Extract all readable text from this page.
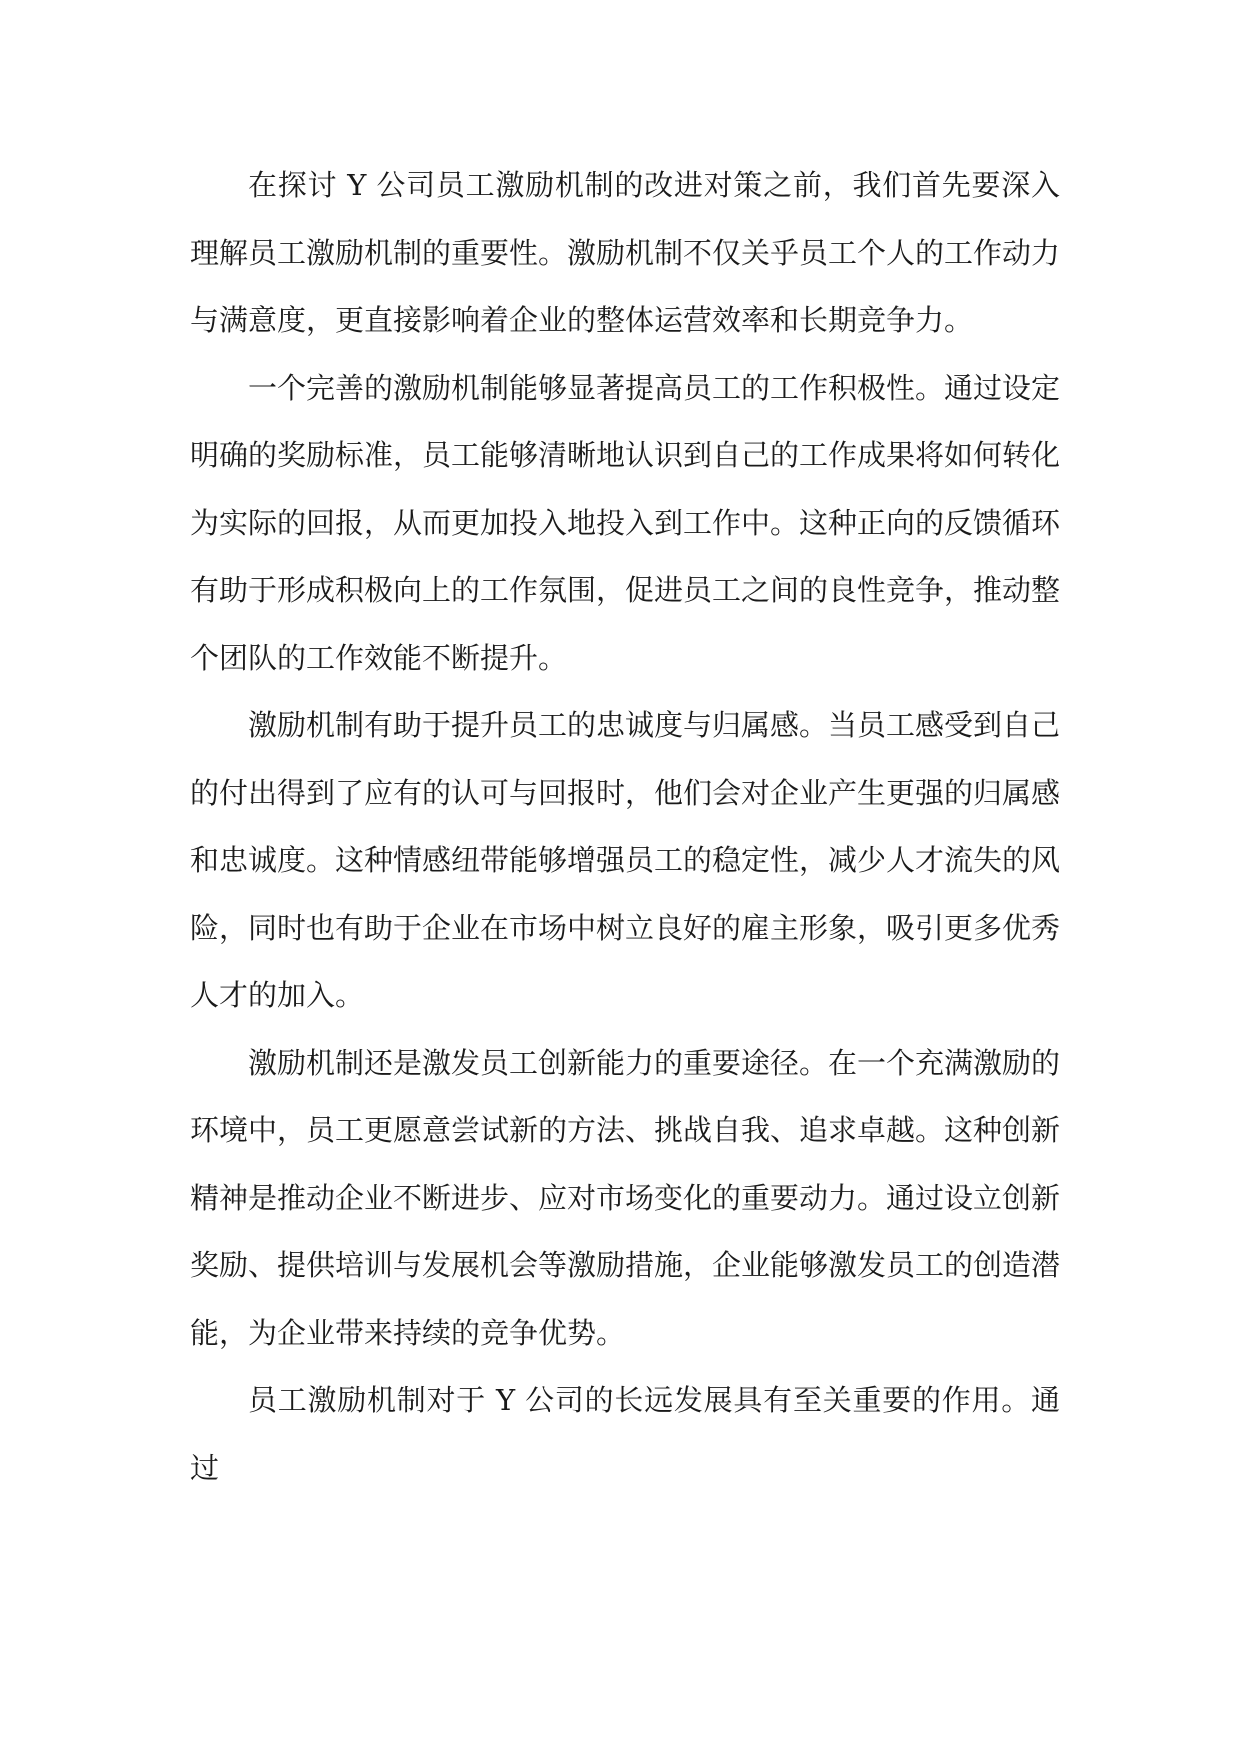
在探讨 Y 公司员工激励机制的改进对策之前，我们首先要深入理解员工激励机制的重要性。激励机制不仅关乎员工个人的工作动力与满意度，更直接影响着企业的整体运营效率和长期竞争力。

一个完善的激励机制能够显著提高员工的工作积极性。通过设定明确的奖励标准，员工能够清晰地认识到自己的工作成果将如何转化为实际的回报，从而更加投入地投入到工作中。这种正向的反馈循环有助于形成积极向上的工作氛围，促进员工之间的良性竞争，推动整个团队的工作效能不断提升。

激励机制有助于提升员工的忠诚度与归属感。当员工感受到自己的付出得到了应有的认可与回报时，他们会对企业产生更强的归属感和忠诚度。这种情感纽带能够增强员工的稳定性，减少人才流失的风险，同时也有助于企业在市场中树立良好的雇主形象，吸引更多优秀人才的加入。

激励机制还是激发员工创新能力的重要途径。在一个充满激励的环境中，员工更愿意尝试新的方法、挑战自我、追求卓越。这种创新精神是推动企业不断进步、应对市场变化的重要动力。通过设立创新奖励、提供培训与发展机会等激励措施，企业能够激发员工的创造潜能，为企业带来持续的竞争优势。

员工激励机制对于 Y 公司的长远发展具有至关重要的作用。通过
